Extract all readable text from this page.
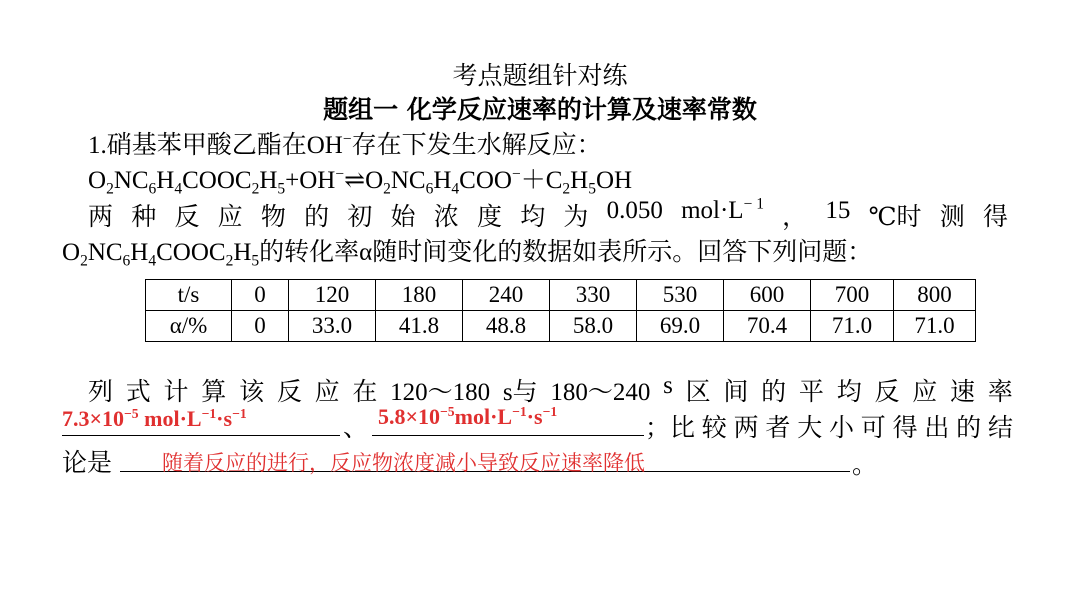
考点题组针对练
题组一 化学反应速率的计算及速率常数
1.硝基苯甲酸乙酯在OH−存在下发生水解反应：
$O_2NC_6H_4COOC_2H_5+OH^-\rightleftharpoons O_2NC_6H_4COO^-+C_2H_5OH$
两 种 反 应 物 的 初 始 浓 度 均 为 0.050 $mol\cdot L^{- 1}$ ， 15 ℃时 测 得
$O_2NC_6H_4COOC_2H_5$的转化率α随时间变化的数据如表所示。回答下列问题：
t/s	0	120	180	240	330	530	600	700	800
α/%	0	33.0	41.8	48.8	58.0	69.0	70.4	71.0	71.0
列 式 计 算 该 反 应 在 120～180 s与 180～240 s 区 间 的 平 均 反 应 速 率
$7.3\times 10^{-5}$ $mol\cdot L^{-1}\cdot s^{-1}$
、 $5.8\times 10^{-5}mol\cdot L^{-1}\cdot s^{-1}$
；比 较 两 者 大 小 可 得 出 的 结
论是 随着反应的进行，反应物浓度减小导致反应速率降低	。
